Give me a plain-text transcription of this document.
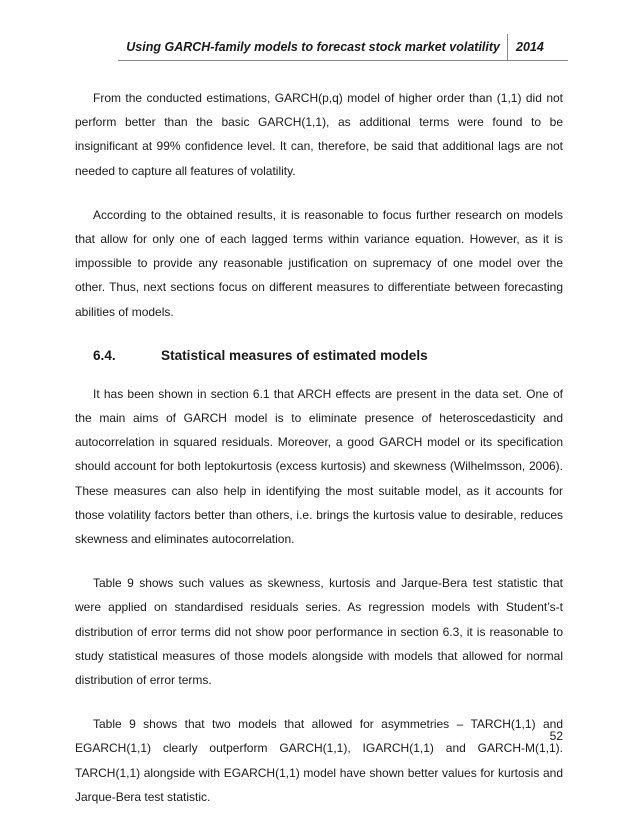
Using GARCH-family models to forecast stock market volatility 2014

From the conducted estimations, GARCH(p,q) model of higher order than (1,1) did not perform better than the basic GARCH(1,1), as additional terms were found to be insignificant at 99% confidence level. It can, therefore, be said that additional lags are not needed to capture all features of volatility.

According to the obtained results, it is reasonable to focus further research on models that allow for only one of each lagged terms within variance equation. However, as it is impossible to provide any reasonable justification on supremacy of one model over the other. Thus, next sections focus on different measures to differentiate between forecasting abilities of models.

6.4.	Statistical measures of estimated models

It has been shown in section 6.1 that ARCH effects are present in the data set. One of the main aims of GARCH model is to eliminate presence of heteroscedasticity and autocorrelation in squared residuals. Moreover, a good GARCH model or its specification should account for both leptokurtosis (excess kurtosis) and skewness (Wilhelmsson, 2006). These measures can also help in identifying the most suitable model, as it accounts for those volatility factors better than others, i.e. brings the kurtosis value to desirable, reduces skewness and eliminates autocorrelation.

Table 9 shows such values as skewness, kurtosis and Jarque-Bera test statistic that were applied on standardised residuals series. As regression models with Student’s-t distribution of error terms did not show poor performance in section 6.3, it is reasonable to study statistical measures of those models alongside with models that allowed for normal distribution of error terms.

Table 9 shows that two models that allowed for asymmetries – TARCH(1,1) and EGARCH(1,1) clearly outperform GARCH(1,1), IGARCH(1,1) and GARCH-M(1,1). TARCH(1,1) alongside with EGARCH(1,1) model have shown better values for kurtosis and Jarque-Bera test statistic.

52
